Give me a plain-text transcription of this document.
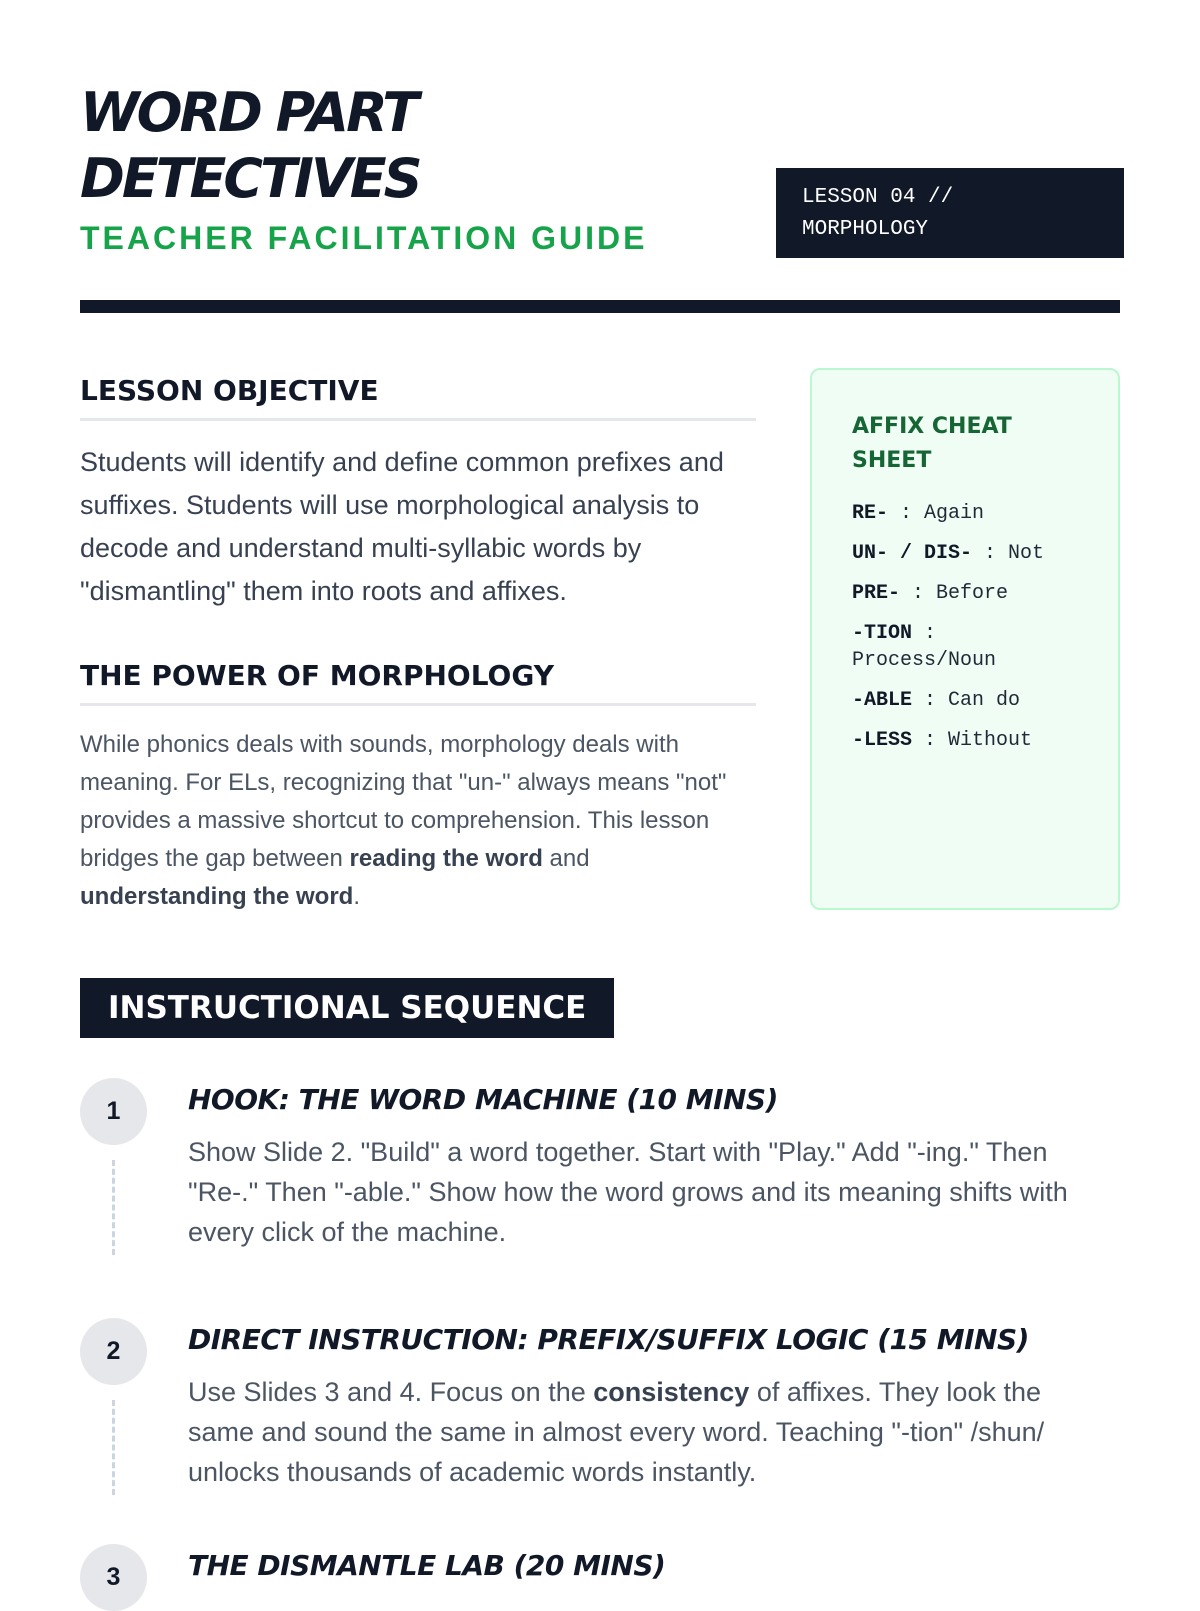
WORD PART
DETECTIVES

TEACHER FACILITATION GUIDE

LESSON 04 //
MORPHOLOGY
LESSON OBJECTIVE

Students will identify and define common prefixes and suffixes. Students will use morphological analysis to decode and understand multi-syllabic words by "dismantling" them into roots and affixes.

THE POWER OF MORPHOLOGY

While phonics deals with sounds, morphology deals with meaning. For ELs, recognizing that "un-" always means "not" provides a massive shortcut to comprehension. This lesson bridges the gap between reading the word and understanding the word.

AFFIX CHEAT SHEET
RE- : Again
UN- / DIS- : Not
PRE- : Before
-TION : Process/Noun
-ABLE : Can do
-LESS : Without
INSTRUCTIONAL SEQUENCE
1	HOOK: THE WORD MACHINE (10 MINS)

Show Slide 2. "Build" a word together. Start with "Play." Add "-ing." Then "Re-." Then "-able." Show how the word grows and its meaning shifts with every click of the machine.

2	DIRECT INSTRUCTION: PREFIX/SUFFIX LOGIC (15 MINS)

Use Slides 3 and 4. Focus on the consistency of affixes. They look the same and sound the same in almost every word. Teaching "-tion" /shun/ unlocks thousands of academic words instantly.

3	THE DISMANTLE LAB (20 MINS)
